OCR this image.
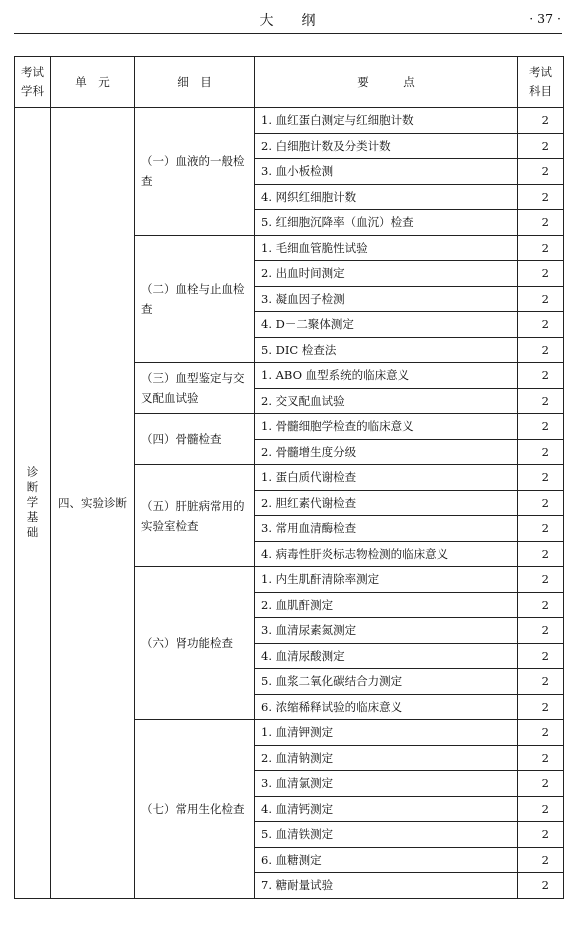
大 纲	· 37 ·
考试学科	单　元	细　目	要　　　点	考试科目
诊断学基础	四、实验诊断	（一）血液的一般检查	1. 血红蛋白测定与红细胞计数	2
			2. 白细胞计数及分类计数	2
			3. 血小板检测	2
			4. 网织红细胞计数	2
			5. 红细胞沉降率（血沉）检查	2
		（二）血栓与止血检查	1. 毛细血管脆性试验	2
			2. 出血时间测定	2
			3. 凝血因子检测	2
			4. D－二聚体测定	2
			5. DIC 检查法	2
		（三）血型鉴定与交叉配血试验	1. ABO 血型系统的临床意义	2
			2. 交叉配血试验	2
		（四）骨髓检查	1. 骨髓细胞学检查的临床意义	2
			2. 骨髓增生度分级	2
		（五）肝脏病常用的实验室检查	1. 蛋白质代谢检查	2
			2. 胆红素代谢检查	2
			3. 常用血清酶检查	2
			4. 病毒性肝炎标志物检测的临床意义	2
		（六）肾功能检查	1. 内生肌酐清除率测定	2
			2. 血肌酐测定	2
			3. 血清尿素氮测定	2
			4. 血清尿酸测定	2
			5. 血浆二氧化碳结合力测定	2
			6. 浓缩稀释试验的临床意义	2
		（七）常用生化检查	1. 血清钾测定	2
			2. 血清钠测定	2
			3. 血清氯测定	2
			4. 血清钙测定	2
			5. 血清铁测定	2
			6. 血糖测定	2
			7. 糖耐量试验	2
